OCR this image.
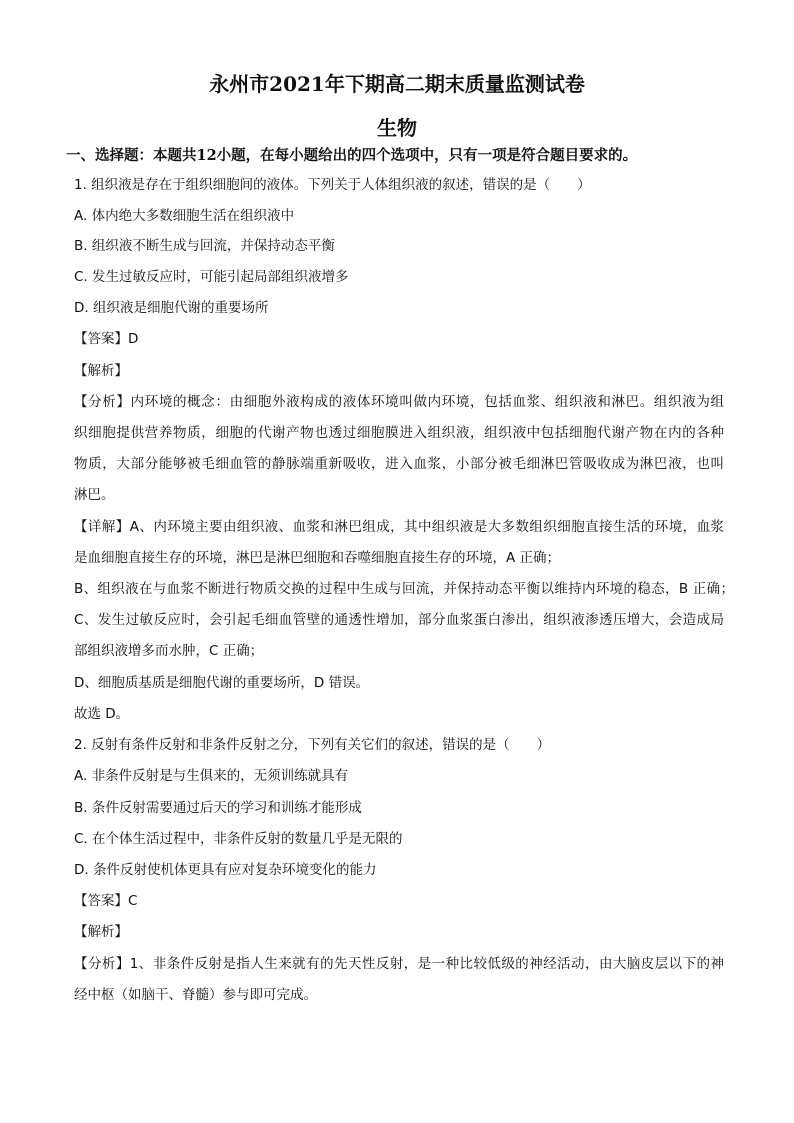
永州市2021年下期高二期末质量监测试卷
生物
一、选择题：本题共12小题，在每小题给出的四个选项中，只有一项是符合题目要求的。
1. 组织液是存在于组织细胞间的液体。下列关于人体组织液的叙述，错误的是（　　）
A. 体内绝大多数细胞生活在组织液中
B. 组织液不断生成与回流，并保持动态平衡
C. 发生过敏反应时，可能引起局部组织液增多
D. 组织液是细胞代谢的重要场所
【答案】D
【解析】
【分析】内环境的概念：由细胞外液构成的液体环境叫做内环境，包括血浆、组织液和淋巴。组织液为组
织细胞提供营养物质，细胞的代谢产物也透过细胞膜进入组织液，组织液中包括细胞代谢产物在内的各种
物质，大部分能够被毛细血管的静脉端重新吸收，进入血浆，小部分被毛细淋巴管吸收成为淋巴液，也叫
淋巴。
【详解】A、内环境主要由组织液、血浆和淋巴组成，其中组织液是大多数组织细胞直接生活的环境，血浆
是血细胞直接生存的环境，淋巴是淋巴细胞和吞噬细胞直接生存的环境，A 正确；
B、组织液在与血浆不断进行物质交换的过程中生成与回流，并保持动态平衡以维持内环境的稳态，B 正确；
C、发生过敏反应时，会引起毛细血管壁的通透性增加，部分血浆蛋白渗出，组织液渗透压增大，会造成局
部组织液增多而水肿，C 正确；
D、细胞质基质是细胞代谢的重要场所，D 错误。
故选 D。
2. 反射有条件反射和非条件反射之分，下列有关它们的叙述，错误的是（　　）
A. 非条件反射是与生俱来的，无须训练就具有
B. 条件反射需要通过后天的学习和训练才能形成
C. 在个体生活过程中，非条件反射的数量几乎是无限的
D. 条件反射使机体更具有应对复杂环境变化的能力
【答案】C
【解析】
【分析】1、非条件反射是指人生来就有的先天性反射，是一种比较低级的神经活动，由大脑皮层以下的神
经中枢（如脑干、脊髓）参与即可完成。
